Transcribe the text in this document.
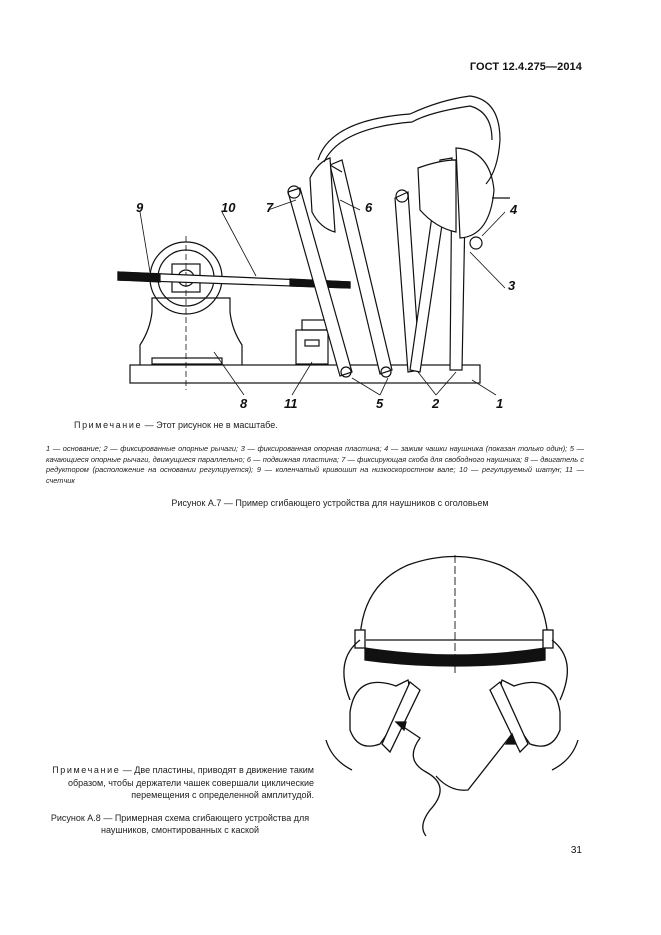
ГОСТ 12.4.275—2014
9	10 7	6	4
3
8	11	5	2	1
Примечание — Этот рисунок не в масштабе.
1 — основание; 2 — фиксированные опорные рычаги; 3 — фиксированная опорная пластина; 4 — зажим чашки наушника (показан только один); 5 — качающиеся опорные рычаги, движущиеся параллельно; 6 — подвижная пластина; 7 — фиксирующая скоба для свободного наушника; 8 — двигатель с редуктором (расположение на основании регулируется); 9 — коленчатый кривошип на низкоскоростном вале; 10 — регулируемый шатун; 11 — счетчик
Рисунок А.7 — Пример сгибающего устройства для наушников с оголовьем
Примечание — Две пластины, приводят в движение таким образом, чтобы держатели чашек совершали циклические перемещения с определенной амплитудой.
Рисунок А.8 — Примерная схема сгибающего устройства для наушников, смонтированных с каской
31
